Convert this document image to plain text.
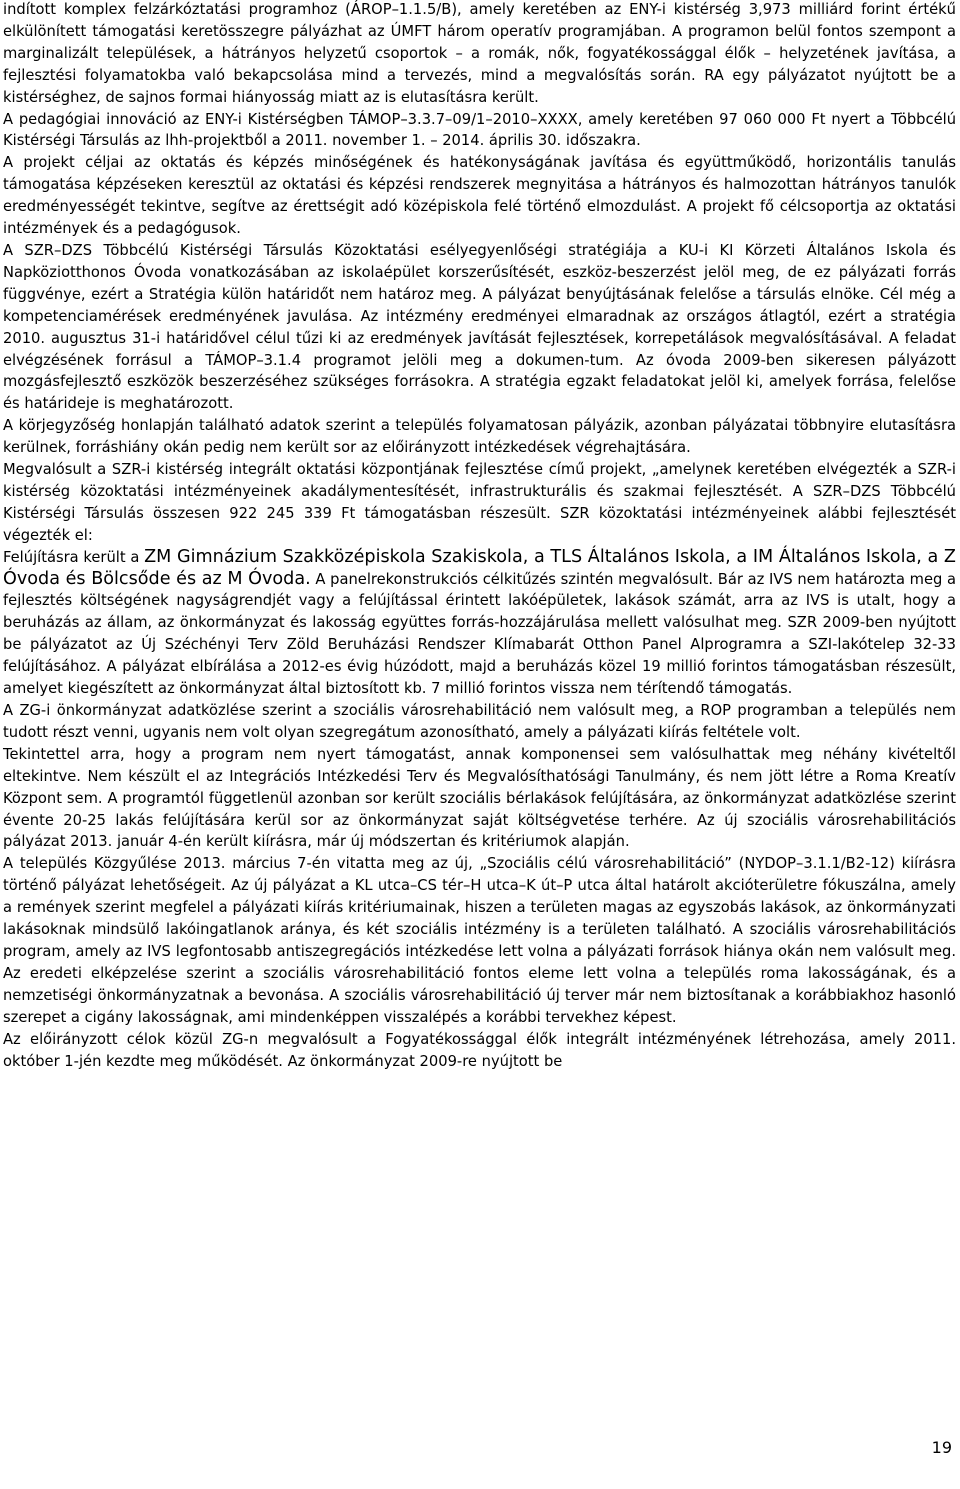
indított komplex felzárkóztatási programhoz (ÁROP–1.1.5/B), amely keretében az ENY-i kistérség 3,973 milliárd forint értékű elkülönített támogatási keretösszegre pályázhat az ÚMFT három operatív programjában. A programon belül fontos szempont a marginalizált települések, a hátrányos helyzetű csoportok – a romák, nők, fogyatékossággal élők – helyzetének javítása, a fejlesztési folyamatokba való bekapcsolása mind a tervezés, mind a megvalósítás során. RA egy pályázatot nyújtott be a kistérséghez, de sajnos formai hiányosság miatt az is elutasításra került.

A pedagógiai innováció az ENY-i Kistérségben TÁMOP–3.3.7–09/1–2010–XXXX, amely keretében 97 060 000 Ft nyert a Többcélú Kistérségi Társulás az lhh-projektből a 2011. november 1. – 2014. április 30. időszakra.

A projekt céljai az oktatás és képzés minőségének és hatékonyságának javítása és együttműködő, horizontális tanulás támogatása képzéseken keresztül az oktatási és képzési rendszerek megnyitása a hátrányos és halmozottan hátrányos tanulók eredményességét tekintve, segítve az érettségit adó középiskola felé történő elmozdulást. A projekt fő célcsoportja az oktatási intézmények és a pedagógusok.

A SZR–DZS Többcélú Kistérségi Társulás Közoktatási esélyegyenlőségi stratégiája a KU-i KI Körzeti Általános Iskola és Napköziotthonos Óvoda vonatkozásában az iskolaépület korszerűsítését, eszköz-beszerzést jelöl meg, de ez pályázati forrás függvénye, ezért a Stratégia külön határidőt nem határoz meg. A pályázat benyújtásának felelőse a társulás elnöke. Cél még a kompetenciamérések eredményének javulása. Az intézmény eredményei elmaradnak az országos átlagtól, ezért a stratégia 2010. augusztus 31-i határidővel célul tűzi ki az eredmények javítását fejlesztések, korrepetálások megvalósításával. A feladat elvégzésének forrásul a TÁMOP–3.1.4 programot jelöli meg a dokumen-tum. Az óvoda 2009-ben sikeresen pályázott mozgásfejlesztő eszközök beszerzéséhez szükséges forrásokra. A stratégia egzakt feladatokat jelöl ki, amelyek forrása, felelőse és határideje is meghatározott.

A körjegyzőség honlapján található adatok szerint a település folyamatosan pályázik, azonban pályázatai többnyire elutasításra kerülnek, forráshiány okán pedig nem került sor az előirányzott intézkedések végrehajtására.

Megvalósult a SZR-i kistérség integrált oktatási központjának fejlesztése című projekt, „amelynek keretében elvégezték a SZR-i kistérség közoktatási intézményeinek akadálymentesítését, infrastrukturális és szakmai fejlesztését. A SZR–DZS Többcélú Kistérségi Társulás összesen 922 245 339 Ft támogatásban részesült. SZR közoktatási intézményeinek alábbi fejlesztését végezték el:

Felújításra került a ZM Gimnázium Szakközépiskola Szakiskola, a TLS Általános Iskola, a IM Általános Iskola, a Z Óvoda és Bölcsőde és az M Óvoda. A panelrekonstrukciós célkitűzés szintén megvalósult. Bár az IVS nem határozta meg a fejlesztés költségének nagyságrendjét vagy a felújítással érintett lakóépületek, lakások számát, arra az IVS is utalt, hogy a beruházás az állam, az önkormányzat és lakosság együttes forrás-hozzájárulása mellett valósulhat meg. SZR 2009-ben nyújtott be pályázatot az Új Széchényi Terv Zöld Beruházási Rendszer Klímabarát Otthon Panel Alprogramra a SZI-lakótelep 32-33 felújításához. A pályázat elbírálása a 2012-es évig húzódott, majd a beruházás közel 19 millió forintos támogatásban részesült, amelyet kiegészített az önkormányzat által biztosított kb. 7 millió forintos vissza nem térítendő támogatás.

A ZG-i önkormányzat adatközlése szerint a szociális városrehabilitáció nem valósult meg, a ROP programban a település nem tudott részt venni, ugyanis nem volt olyan szegregátum azonosítható, amely a pályázati kiírás feltétele volt.

Tekintettel arra, hogy a program nem nyert támogatást, annak komponensei sem valósulhattak meg néhány kivételtől eltekintve. Nem készült el az Integrációs Intézkedési Terv és Megvalósíthatósági Tanulmány, és nem jött létre a Roma Kreatív Központ sem. A programtól függetlenül azonban sor került szociális bérlakások felújítására, az önkormányzat adatközlése szerint évente 20-25 lakás felújítására kerül sor az önkormányzat saját költségvetése terhére. Az új szociális városrehabilitációs pályázat 2013. január 4-én került kiírásra, már új módszertan és kritériumok alapján.

A település Közgyűlése 2013. március 7-én vitatta meg az új, „Szociális célú városrehabilitáció” (NYDOP–3.1.1/B2-12) kiírásra történő pályázat lehetőségeit. Az új pályázat a KL utca–CS tér–H utca–K út–P utca által határolt akcióterületre fókuszálna, amely a remények szerint megfelel a pályázati kiírás kritériumainak, hiszen a területen magas az egyszobás lakások, az önkormányzati lakásoknak mindsülő lakóingatlanok aránya, és két szociális intézmény is a területen található. A szociális városrehabilitációs program, amely az IVS legfontosabb antiszegregációs intézkedése lett volna a pályázati források hiánya okán nem valósult meg. Az eredeti elképzelése szerint a szociális városrehabilitáció fontos eleme lett volna a település roma lakosságának, és a nemzetiségi önkormányzatnak a bevonása. A szociális városrehabilitáció új terver már nem biztosítanak a korábbiakhoz hasonló szerepet a cigány lakosságnak, ami mindenképpen visszalépés a korábbi tervekhez képest.

Az előirányzott célok közül ZG-n megvalósult a Fogyatékossággal élők integrált intézményének létrehozása, amely 2011. október 1-jén kezdte meg működését. Az önkormányzat 2009-re nyújtott be

19
